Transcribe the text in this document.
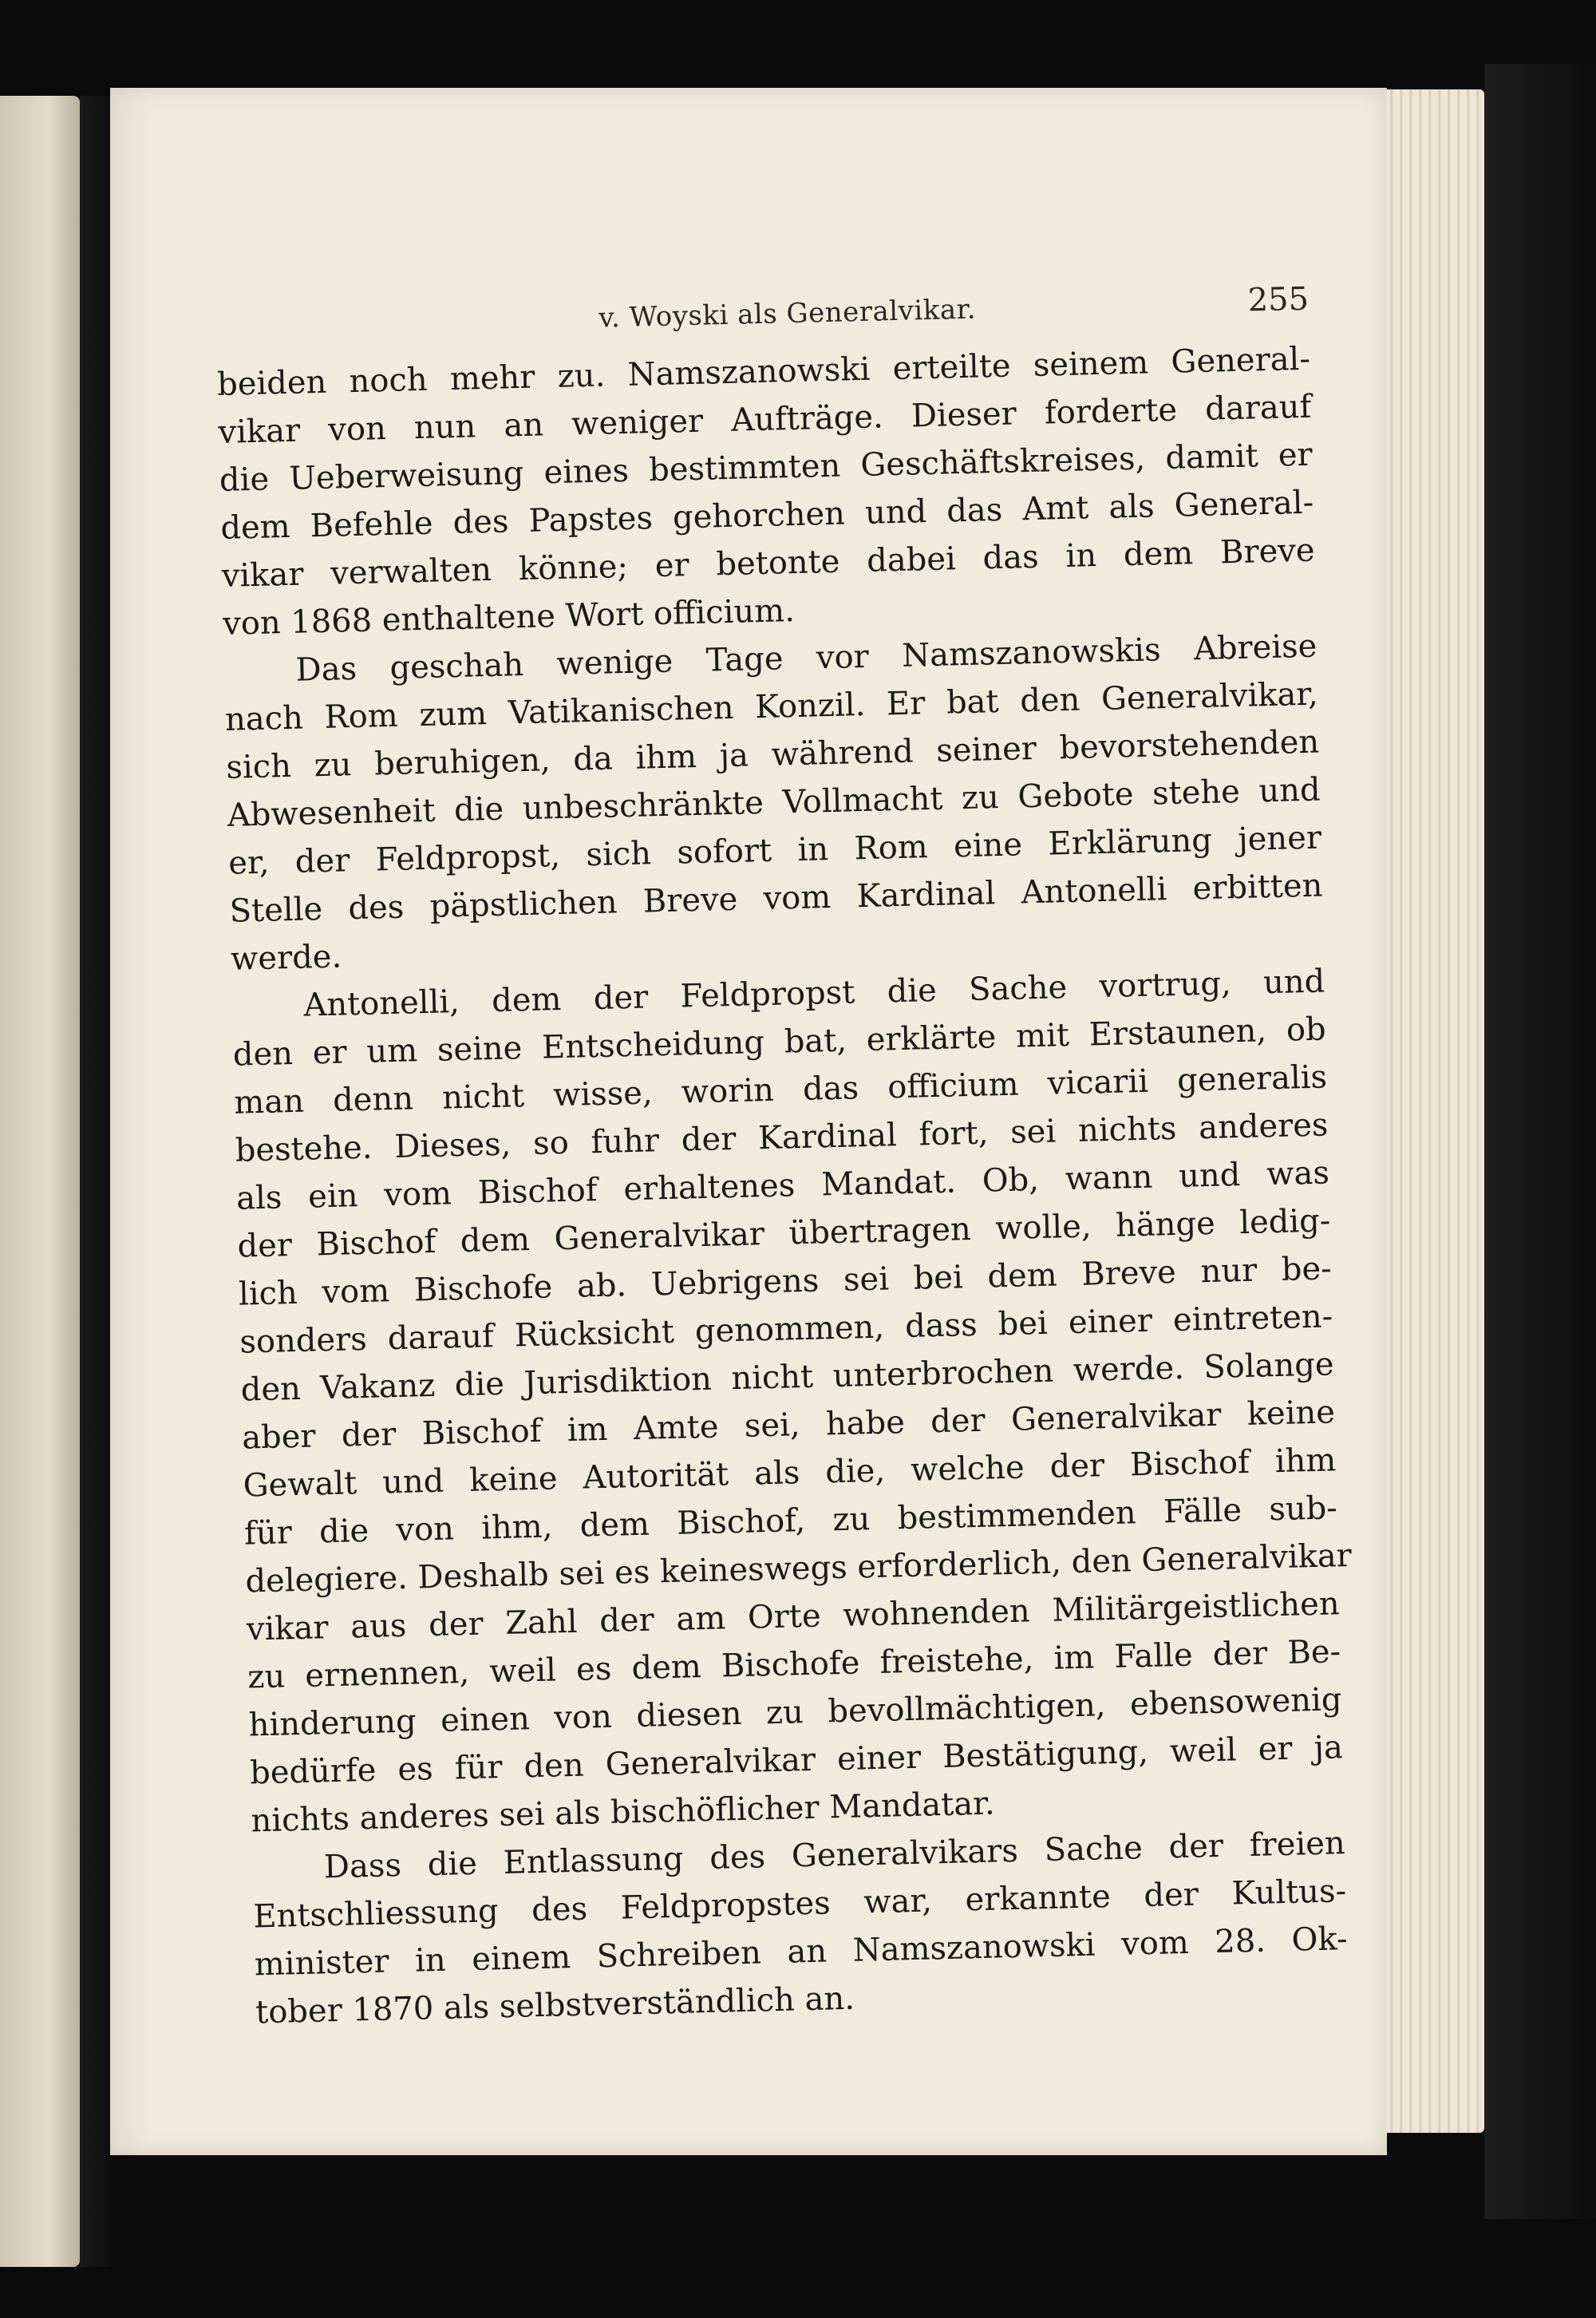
v. Woyski als Generalvikar.	255
beiden noch mehr zu. Namszanowski erteilte seinem General-
vikar von nun an weniger Aufträge. Dieser forderte darauf
die Ueberweisung eines bestimmten Geschäftskreises, damit er
dem Befehle des Papstes gehorchen und das Amt als General-
vikar verwalten könne; er betonte dabei das in dem Breve
von 1868 enthaltene Wort officium.
Das geschah wenige Tage vor Namszanowskis Abreise
nach Rom zum Vatikanischen Konzil. Er bat den Generalvikar,
sich zu beruhigen, da ihm ja während seiner bevorstehenden
Abwesenheit die unbeschränkte Vollmacht zu Gebote stehe und
er, der Feldpropst, sich sofort in Rom eine Erklärung jener
Stelle des päpstlichen Breve vom Kardinal Antonelli erbitten
werde.
Antonelli, dem der Feldpropst die Sache vortrug, und
den er um seine Entscheidung bat, erklärte mit Erstaunen, ob
man denn nicht wisse, worin das officium vicarii generalis
bestehe. Dieses, so fuhr der Kardinal fort, sei nichts anderes
als ein vom Bischof erhaltenes Mandat. Ob, wann und was
der Bischof dem Generalvikar übertragen wolle, hänge ledig-
lich vom Bischofe ab. Uebrigens sei bei dem Breve nur be-
sonders darauf Rücksicht genommen, dass bei einer eintreten-
den Vakanz die Jurisdiktion nicht unterbrochen werde. Solange
aber der Bischof im Amte sei, habe der Generalvikar keine
Gewalt und keine Autorität als die, welche der Bischof ihm
für die von ihm, dem Bischof, zu bestimmenden Fälle sub-
delegiere. Deshalb sei es keineswegs erforderlich, den Generalvikar
vikar aus der Zahl der am Orte wohnenden Militärgeistlichen
zu ernennen, weil es dem Bischofe freistehe, im Falle der Be-
hinderung einen von diesen zu bevollmächtigen, ebensowenig
bedürfe es für den Generalvikar einer Bestätigung, weil er ja
nichts anderes sei als bischöflicher Mandatar.
Dass die Entlassung des Generalvikars Sache der freien
Entschliessung des Feldpropstes war, erkannte der Kultus-
minister in einem Schreiben an Namszanowski vom 28. Ok-
tober 1870 als selbstverständlich an.
